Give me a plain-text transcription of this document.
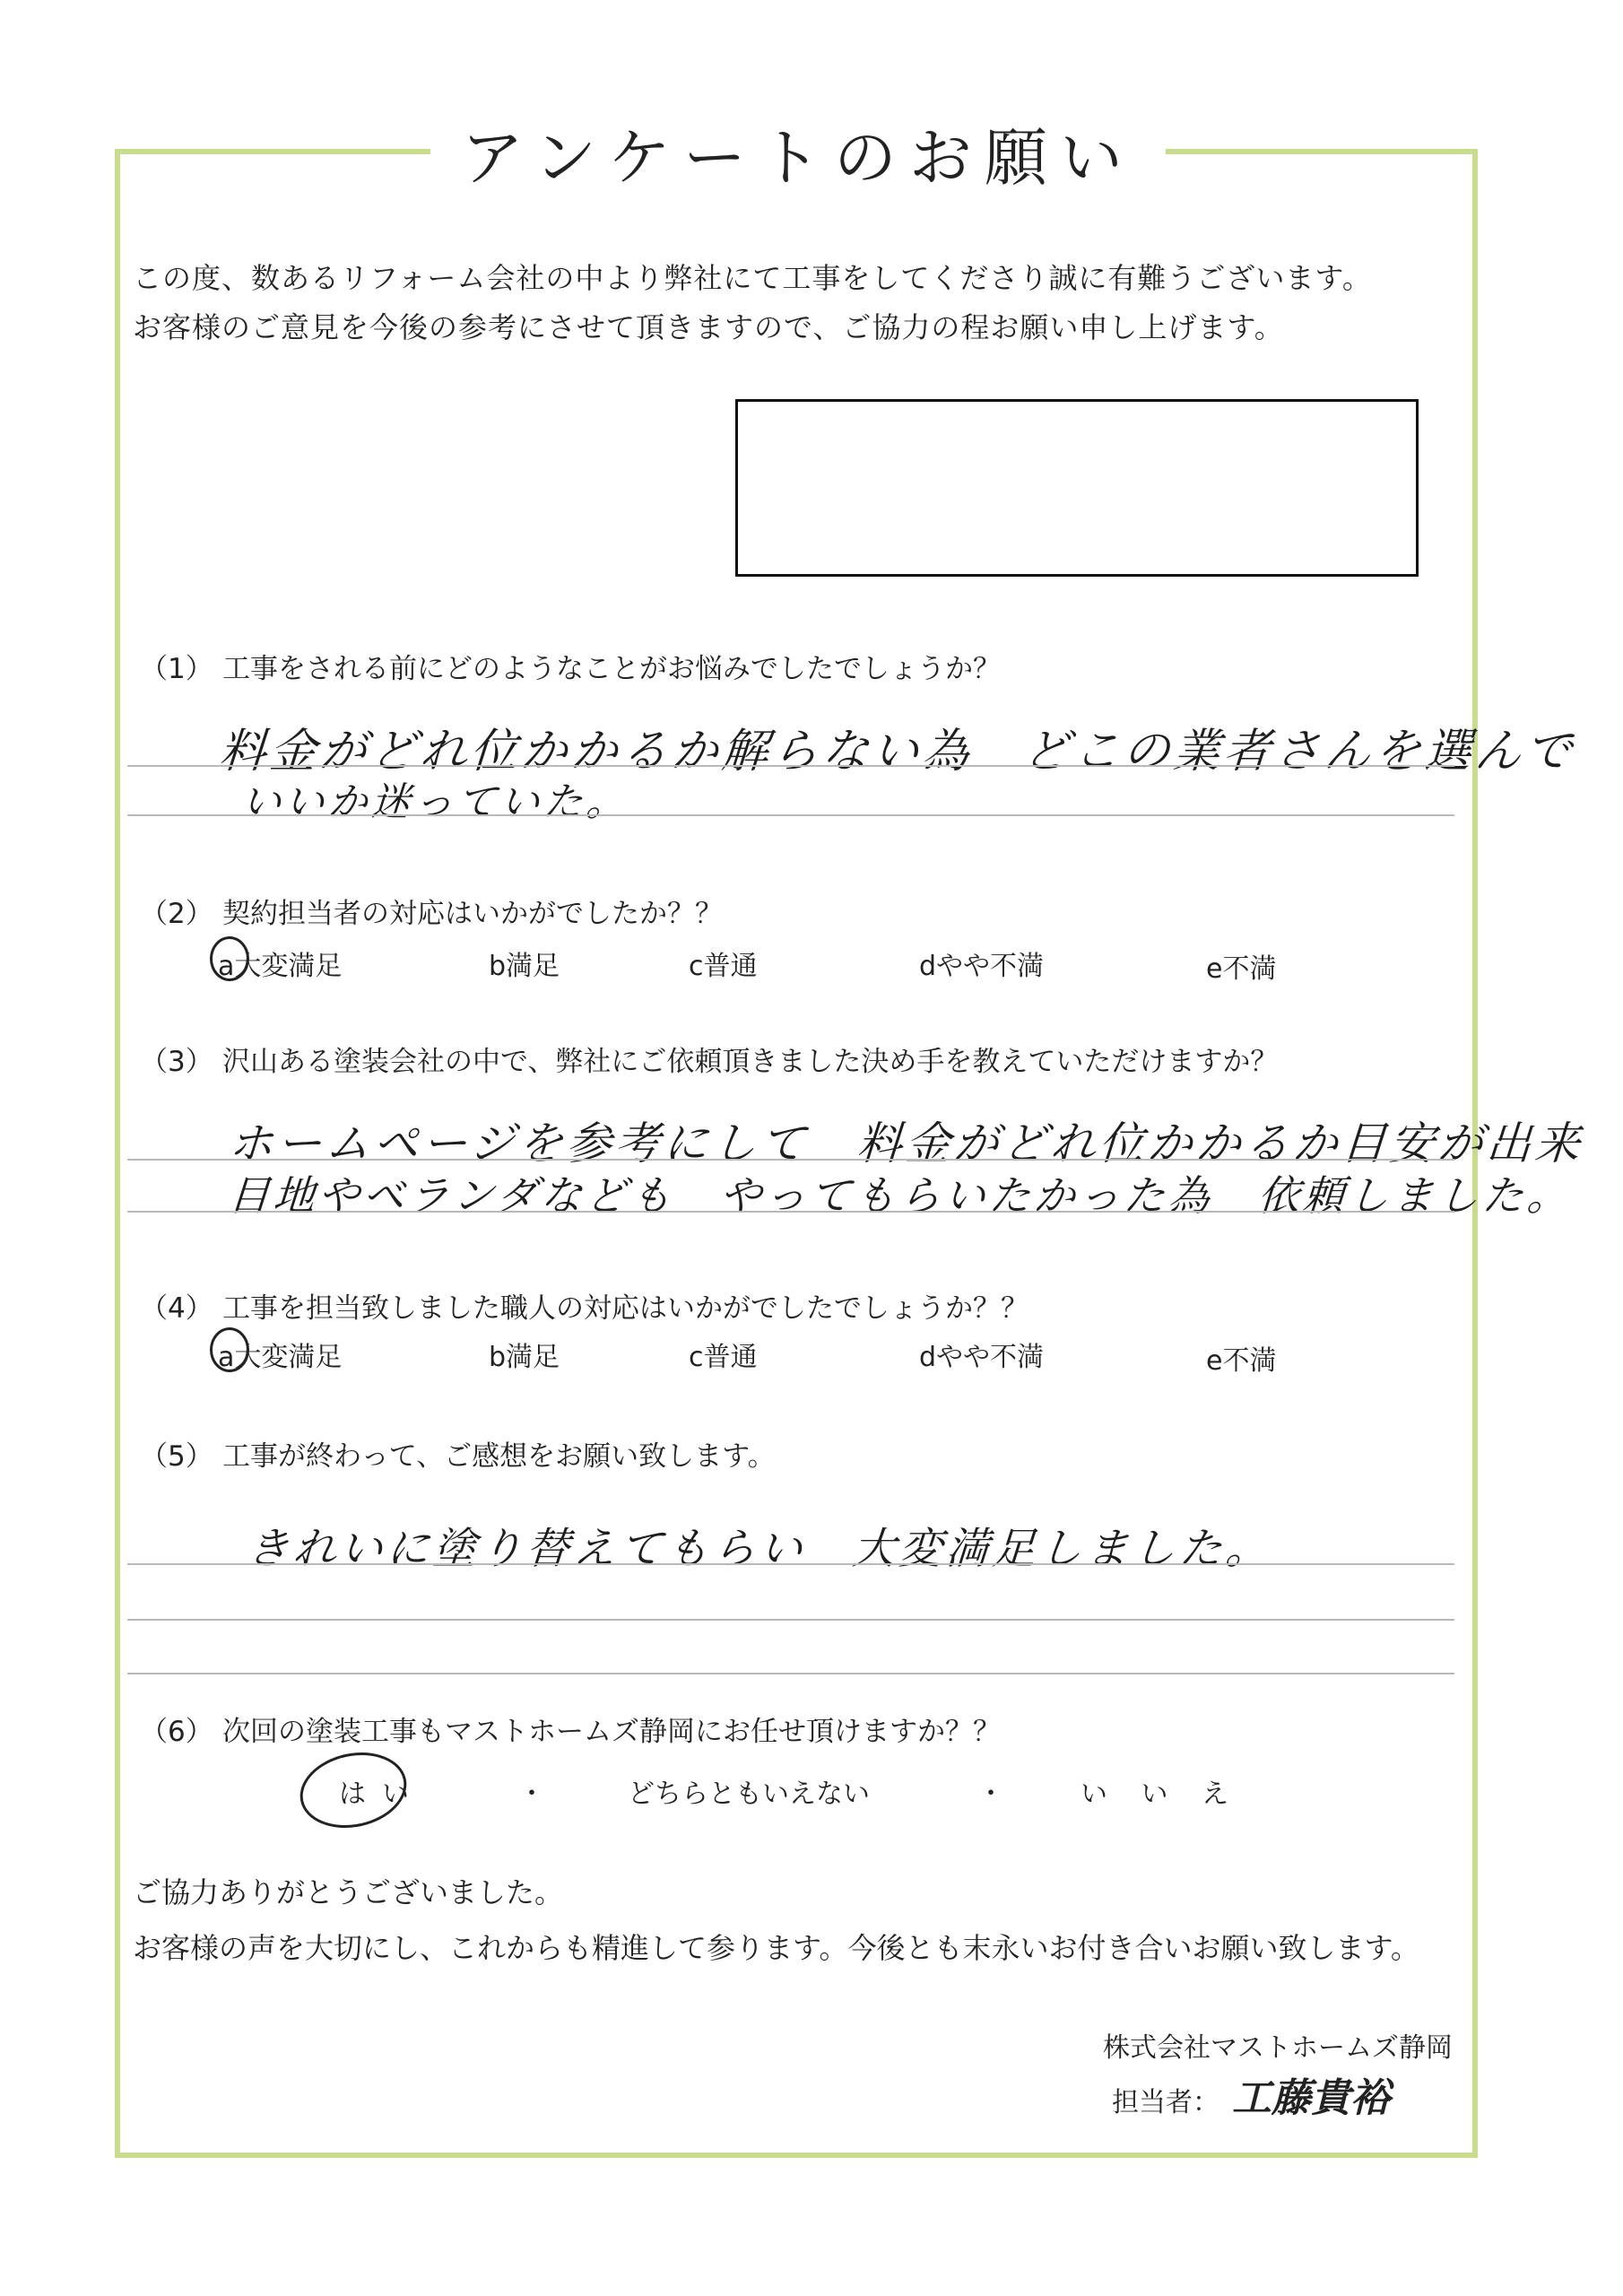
アンケートのお願い
この度、数あるリフォーム会社の中より弊社にて工事をしてくださり誠に有難うございます。
お客様のご意見を今後の参考にさせて頂きますので、ご協力の程お願い申し上げます。
（1） 工事をされる前にどのようなことがお悩みでしたでしょうか？
料金がどれ位かかるか解らない為　どこの業者さんを選んで
いいか迷っていた。
（2） 契約担当者の対応はいかがでしたか？？
a大変満足	b満足	c普通	dやや不満	e不満
（3） 沢山ある塗装会社の中で、弊社にご依頼頂きました決め手を教えていただけますか？
ホームページを参考にして　料金がどれ位かかるか目安が出来
目地やベランダなども　やってもらいたかった為　依頼しました。
（4） 工事を担当致しました職人の対応はいかがでしたでしょうか？？
a大変満足	b満足	c普通	dやや不満	e不満
（5） 工事が終わって、ご感想をお願い致します。
きれいに塗り替えてもらい　大変満足しました。
（6） 次回の塗装工事もマストホームズ静岡にお任せ頂けますか？？
はい	・	どちらともいえない	・	い い え
ご協力ありがとうございました。
お客様の声を大切にし、これからも精進して参ります。今後とも末永いお付き合いお願い致します。
株式会社マストホームズ静岡
担当者： 工藤貴裕
